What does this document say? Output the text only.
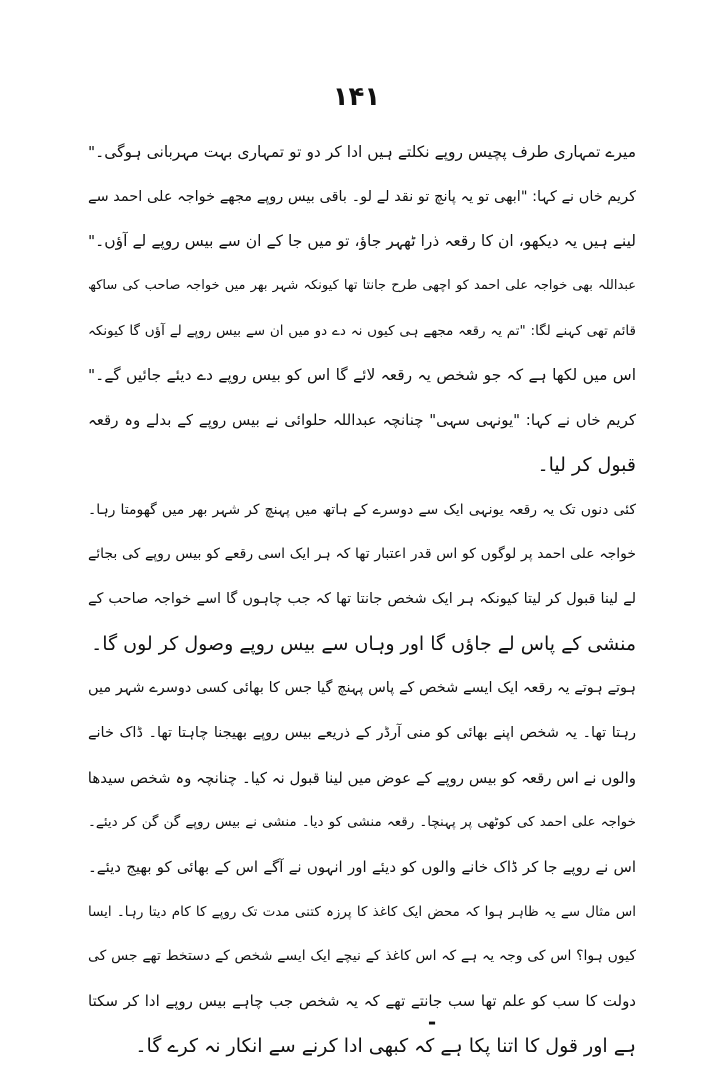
۱۴۱
میرے تمہاری طرف پچیس روپے نکلتے ہیں ادا کر دو تو تمہاری بہت مہربانی ہوگی۔"
کریم خاں نے کہا: "ابھی تو یہ پانچ تو نقد لے لو۔ باقی بیس روپے مجھے خواجہ علی احمد سے
لینے ہیں یہ دیکھو، ان کا رقعہ ذرا ٹھہر جاؤ، تو میں جا کے ان سے بیس روپے لے آؤں۔"
عبداللہ بھی خواجہ علی احمد کو اچھی طرح جانتا تھا کیونکہ شہر بھر میں خواجہ صاحب کی ساکھ
قائم تھی کہنے لگا: "تم یہ رقعہ مجھے ہی کیوں نہ دے دو میں ان سے بیس روپے لے آؤں گا کیونکہ
اس میں لکھا ہے کہ جو شخص یہ رقعہ لائے گا اس کو بیس روپے دے دیئے جائیں گے۔"
کریم خاں نے کہا: "یونہی سہی" چنانچہ عبداللہ حلوائی نے بیس روپے کے بدلے وہ رقعہ
قبول کر لیا۔
کئی دنوں تک یہ رقعہ یونہی ایک سے دوسرے کے ہاتھ میں پہنچ کر شہر بھر میں گھومتا رہا۔
خواجہ علی احمد پر لوگوں کو اس قدر اعتبار تھا کہ ہر ایک اسی رقعے کو بیس روپے کی بجائے
لے لینا قبول کر لیتا کیونکہ ہر ایک شخص جانتا تھا کہ جب چاہوں گا اسے خواجہ صاحب کے
منشی کے پاس لے جاؤں گا اور وہاں سے بیس روپے وصول کر لوں گا۔
ہوتے ہوتے یہ رقعہ ایک ایسے شخص کے پاس پہنچ گیا جس کا بھائی کسی دوسرے شہر میں
رہتا تھا۔ یہ شخص اپنے بھائی کو منی آرڈر کے ذریعے بیس روپے بھیجنا چاہتا تھا۔ ڈاک خانے
والوں نے اس رقعہ کو بیس روپے کے عوض میں لینا قبول نہ کیا۔ چنانچہ وہ شخص سیدھا
خواجہ علی احمد کی کوٹھی پر پہنچا۔ رقعہ منشی کو دیا۔ منشی نے بیس روپے گن گن کر دیئے۔
اس نے روپے جا کر ڈاک خانے والوں کو دیئے اور انہوں نے آگے اس کے بھائی کو بھیج دیئے۔
اس مثال سے یہ ظاہر ہوا کہ محض ایک کاغذ کا پرزہ کتنی مدت تک روپے کا کام دیتا رہا۔ ایسا
کیوں ہوا؟ اس کی وجہ یہ ہے کہ اس کاغذ کے نیچے ایک ایسے شخص کے دستخط تھے جس کی
دولت کا سب کو علم تھا سب جانتے تھے کہ یہ شخص جب چاہے بیس روپے ادا کر سکتا
ہے اور قول کا اتنا پکا ہے کہ کبھی ادا کرنے سے انکار نہ کرے گا۔
-
